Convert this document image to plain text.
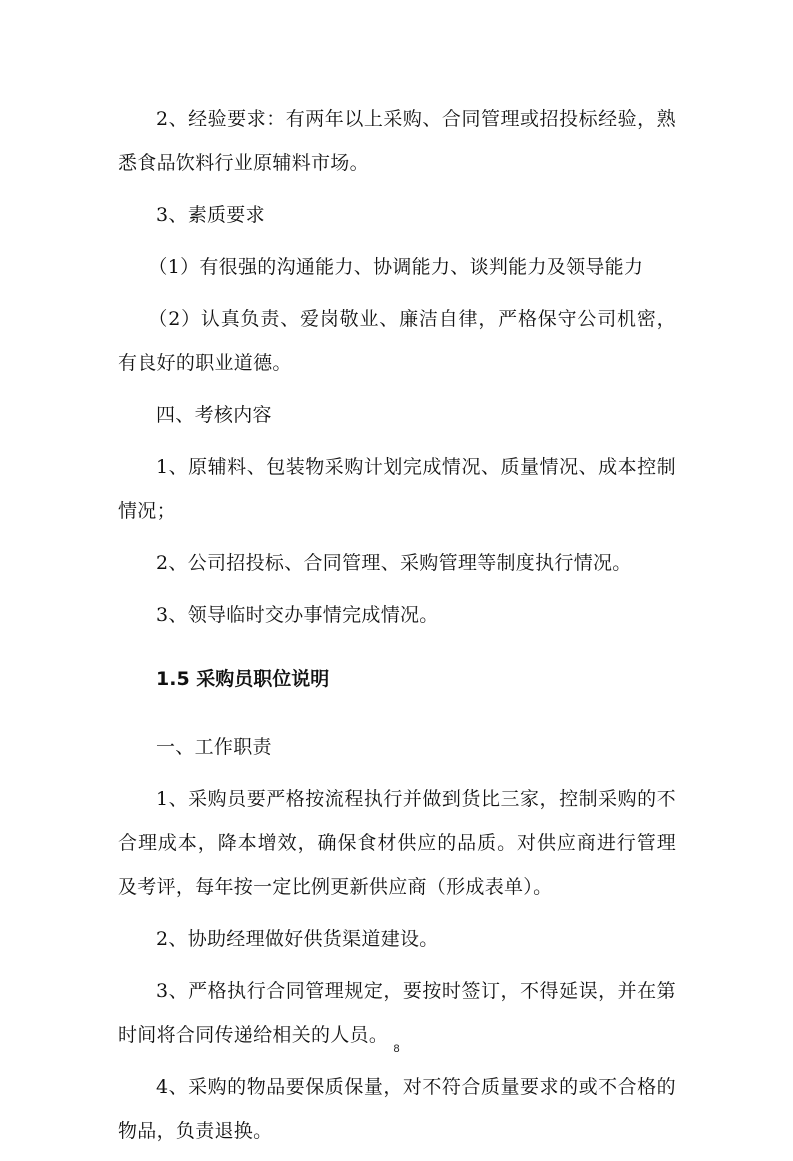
2、经验要求：有两年以上采购、合同管理或招投标经验，熟悉食品饮料行业原辅料市场。

3、素质要求

（1）有很强的沟通能力、协调能力、谈判能力及领导能力

（2）认真负责、爱岗敬业、廉洁自律，严格保守公司机密，有良好的职业道德。

四、考核内容

1、原辅料、包装物采购计划完成情况、质量情况、成本控制情况；

2、公司招投标、合同管理、采购管理等制度执行情况。

3、领导临时交办事情完成情况。

1.5 采购员职位说明

一、工作职责

1、采购员要严格按流程执行并做到货比三家，控制采购的不合理成本，降本增效，确保食材供应的品质。对供应商进行管理及考评，每年按一定比例更新供应商（形成表单）。

2、协助经理做好供货渠道建设。

3、严格执行合同管理规定，要按时签订，不得延误，并在第时间将合同传递给相关的人员。

4、采购的物品要保质保量，对不符合质量要求的或不合格的物品，负责退换。

8
